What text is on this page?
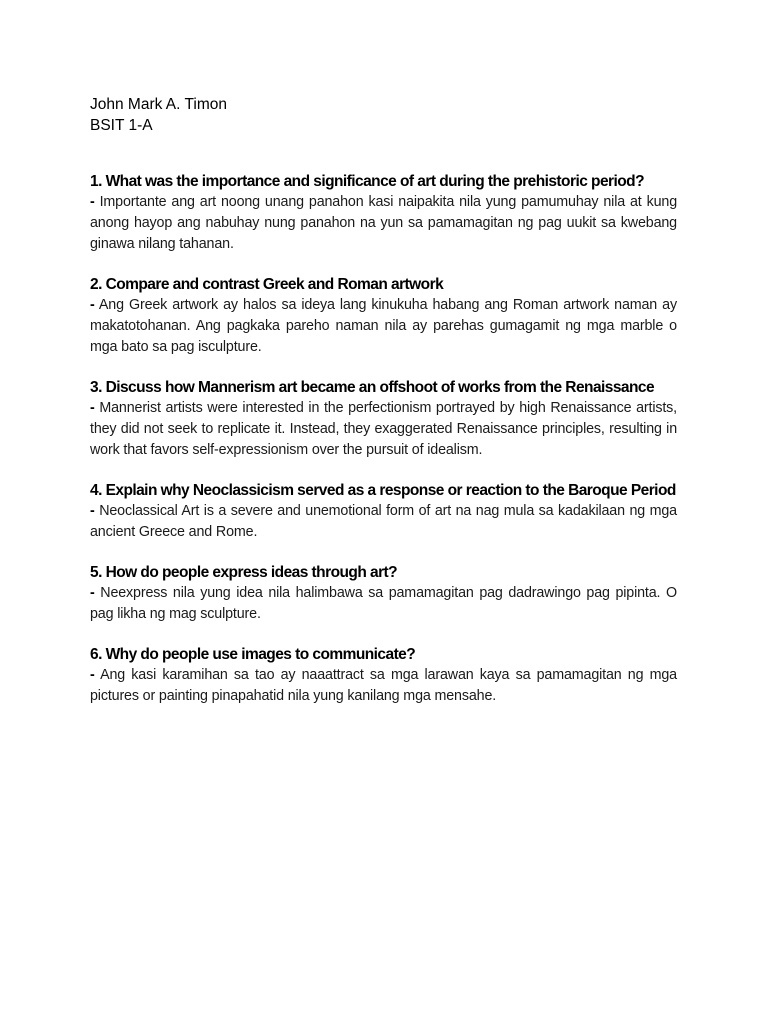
John Mark A. Timon

BSIT 1-A

1. What was the importance and significance of art during the prehistoric period?

- Importante ang art noong unang panahon kasi naipakita nila yung pamumuhay nila at kung anong hayop ang nabuhay nung panahon na yun sa pamamagitan ng pag uukit sa kwebang ginawa nilang tahanan.

2. Compare and contrast Greek and Roman artwork

- Ang Greek artwork ay halos sa ideya lang kinukuha habang ang Roman artwork naman ay makatotohanan. Ang pagkaka pareho naman nila ay parehas gumagamit ng mga marble o mga bato sa pag isculpture.

3. Discuss how Mannerism art became an offshoot of works from the Renaissance

- Mannerist artists were interested in the perfectionism portrayed by high Renaissance artists, they did not seek to replicate it. Instead, they exaggerated Renaissance principles, resulting in work that favors self-expressionism over the pursuit of idealism.

4. Explain why Neoclassicism served as a response or reaction to the Baroque Period

- Neoclassical Art is a severe and unemotional form of art na nag mula sa kadakilaan ng mga ancient Greece and Rome.

5. How do people express ideas through art?

- Neexpress nila yung idea nila halimbawa sa pamamagitan pag dadrawingo pag pipinta. O pag likha ng mag sculpture.

6. Why do people use images to communicate?

- Ang kasi karamihan sa tao ay naaattract sa mga larawan kaya sa pamamagitan ng mga pictures or painting pinapahatid nila yung kanilang mga mensahe.
